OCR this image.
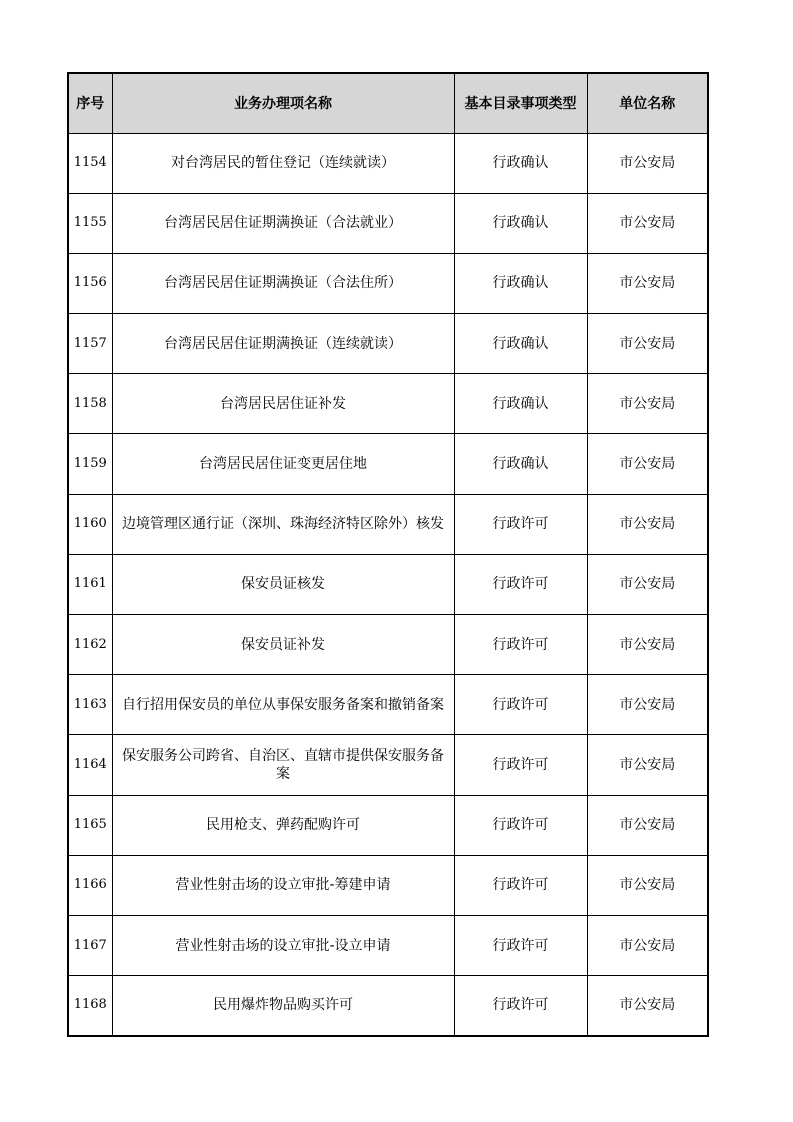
序号	业务办理项名称	基本目录事项类型	单位名称
1154	对台湾居民的暂住登记（连续就读）	行政确认	市公安局
1155	台湾居民居住证期满换证（合法就业）	行政确认	市公安局
1156	台湾居民居住证期满换证（合法住所）	行政确认	市公安局
1157	台湾居民居住证期满换证（连续就读）	行政确认	市公安局
1158	台湾居民居住证补发	行政确认	市公安局
1159	台湾居民居住证变更居住地	行政确认	市公安局
1160	边境管理区通行证（深圳、珠海经济特区除外）核发	行政许可	市公安局
1161	保安员证核发	行政许可	市公安局
1162	保安员证补发	行政许可	市公安局
1163	自行招用保安员的单位从事保安服务备案和撤销备案	行政许可	市公安局
1164	保安服务公司跨省、自治区、直辖市提供保安服务备案	行政许可	市公安局
1165	民用枪支、弹药配购许可	行政许可	市公安局
1166	营业性射击场的设立审批-筹建申请	行政许可	市公安局
1167	营业性射击场的设立审批-设立申请	行政许可	市公安局
1168	民用爆炸物品购买许可	行政许可	市公安局
